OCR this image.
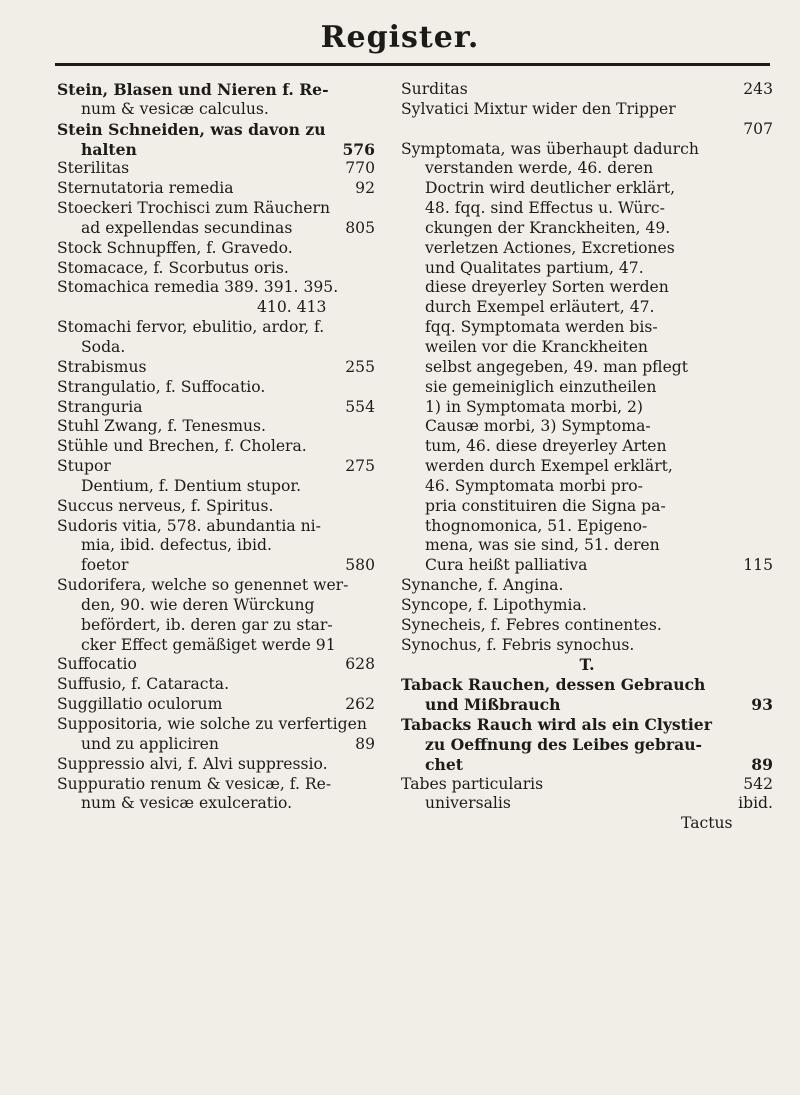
Register.
Stein, Blasen und Nieren f. Re-
num & vesicæ calculus.
Stein Schneiden, was davon zu
halten	576
Sterilitas	770
Sternutatoria remedia	92
Stoeckeri Trochisci zum Räuchern
ad expellendas secundinas	805
Stock Schnupffen, f. Gravedo.
Stomacace, f. Scorbutus oris.
Stomachica remedia 389. 391. 395.
410. 413
Stomachi fervor, ebulitio, ardor, f.
Soda.
Strabismus	255
Strangulatio, f. Suffocatio.
Stranguria	554
Stuhl Zwang, f. Tenesmus.
Stühle und Brechen, f. Cholera.
Stupor	275
Dentium, f. Dentium stupor.
Succus nerveus, f. Spiritus.
Sudoris vitia, 578. abundantia ni-
mia, ibid. defectus, ibid.
foetor	580
Sudorifera, welche so genennet wer-
den, 90. wie deren Würckung
befördert, ib. deren gar zu star-
cker Effect gemäßiget werde 91
Suffocatio	628
Suffusio, f. Cataracta.
Suggillatio oculorum	262
Suppositoria, wie solche zu verfertigen
und zu appliciren	89
Suppressio alvi, f. Alvi suppressio.
Suppuratio renum & vesicæ, f. Re-
num & vesicæ exulceratio.
Surditas	243
Sylvatici Mixtur wider den Tripper
707
Symptomata, was überhaupt dadurch
verstanden werde, 46. deren
Doctrin wird deutlicher erklärt,
48. fqq. sind Effectus u. Würc-
ckungen der Kranckheiten, 49.
verletzen Actiones, Excretiones
und Qualitates partium, 47.
diese dreyerley Sorten werden
durch Exempel erläutert, 47.
fqq. Symptomata werden bis-
weilen vor die Kranckheiten
selbst angegeben, 49. man pflegt
sie gemeiniglich einzutheilen
1) in Symptomata morbi, 2)
Causæ morbi, 3) Symptoma-
tum, 46. diese dreyerley Arten
werden durch Exempel erklärt,
46. Symptomata morbi pro-
pria constituiren die Signa pa-
thognomonica, 51. Epigeno-
mena, was sie sind, 51. deren
Cura heißt palliativa	115
Synanche, f. Angina.
Syncope, f. Lipothymia.
Synecheis, f. Febres continentes.
Synochus, f. Febris synochus.
T.
Taback Rauchen, dessen Gebrauch
und Mißbrauch	93
Tabacks Rauch wird als ein Clystier
zu Oeffnung des Leibes gebrau-
chet	89
Tabes particularis	542
universalis	ibid.
Tactus
